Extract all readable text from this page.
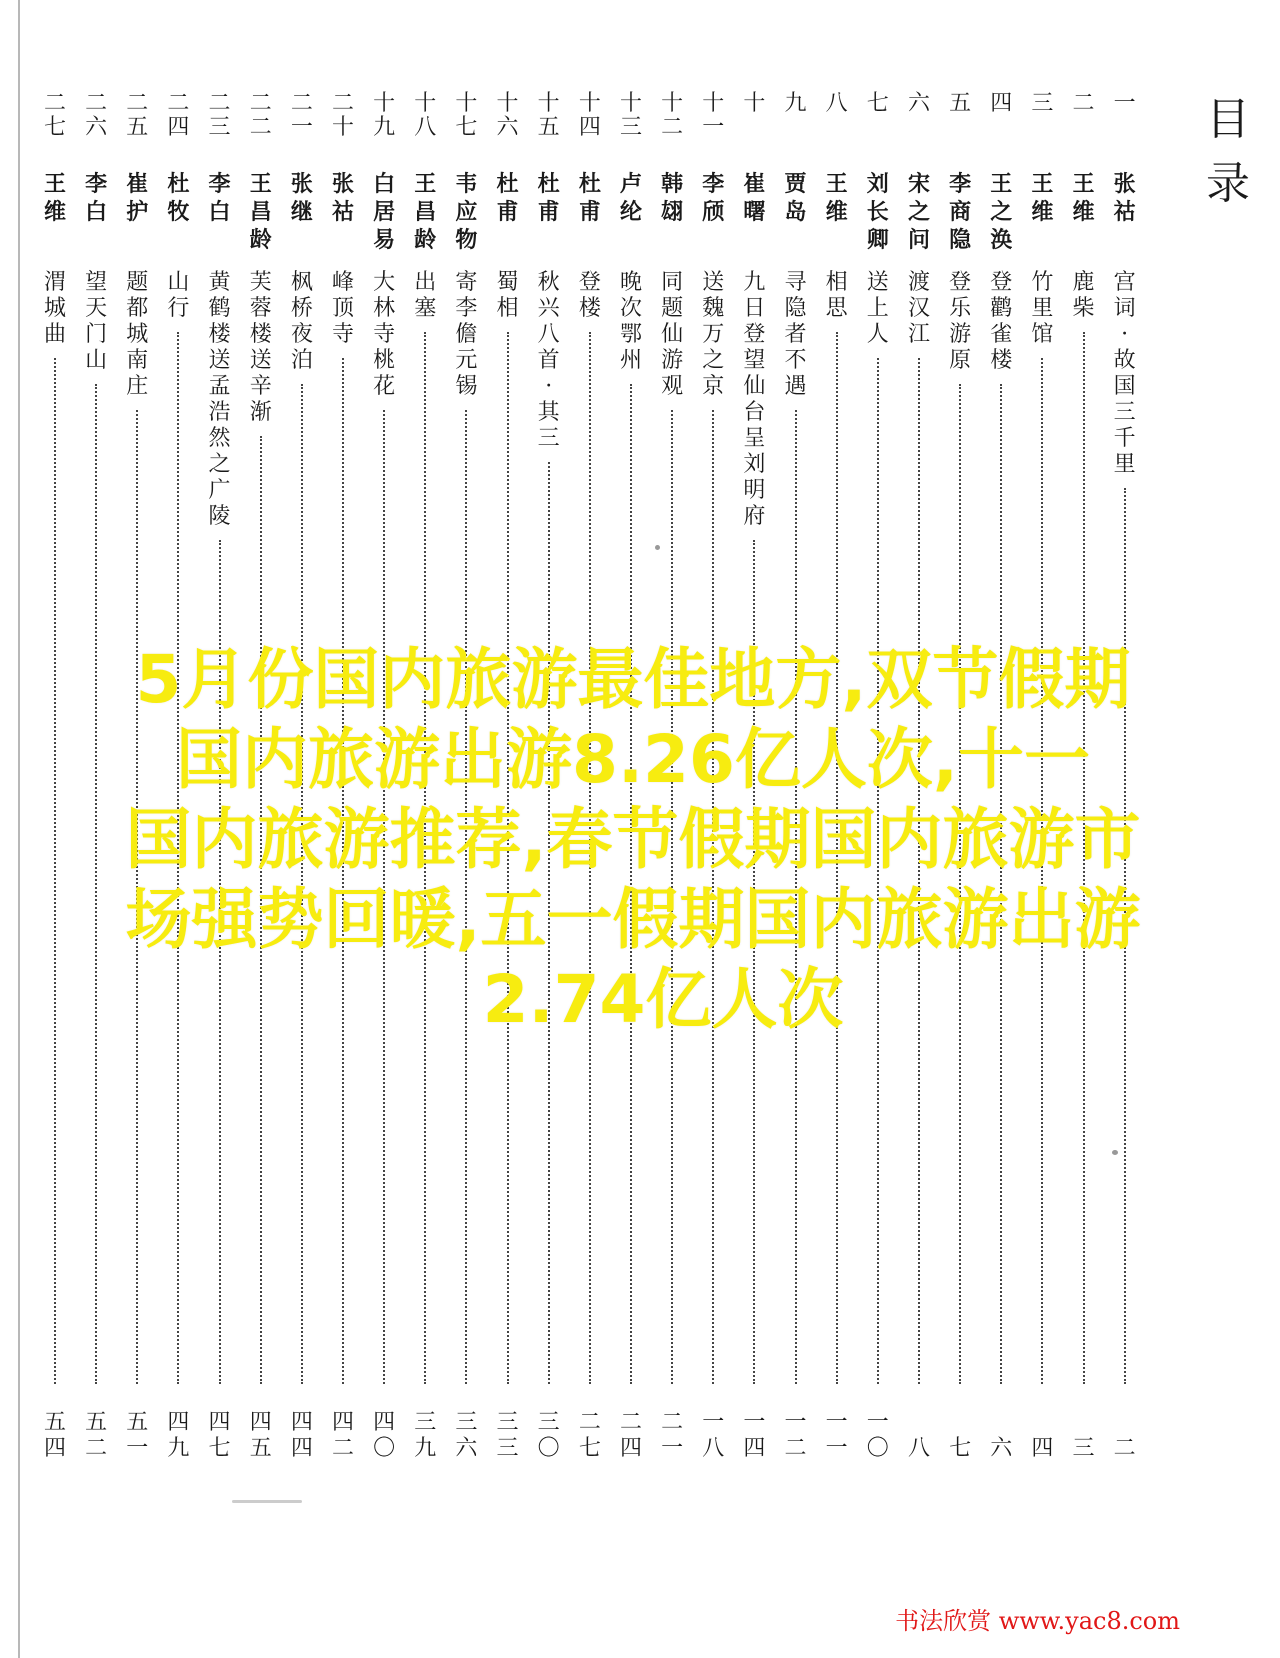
目
录
一
张
祜
宫
词
·
故
国
三
千
里
二
二
王
维
鹿
柴
三
三
王
维
竹
里
馆
四
四
王
之
涣
登
鹳
雀
楼
六
五
李
商
隐
登
乐
游
原
七
六
宋
之
问
渡
汉
江
八
七
刘
长
卿
送
上
人
一
〇
八
王
维
相
思
一
一
九
贾
岛
寻
隐
者
不
遇
一
二
十
崔
曙
九
日
登
望
仙
台
呈
刘
明
府
一
四
十
一
李
颀
送
魏
万
之
京
一
八
十
二
韩
翃
同
题
仙
游
观
二
一
十
三
卢
纶
晚
次
鄂
州
二
四
十
四
杜
甫
登
楼
二
七
十
五
杜
甫
秋
兴
八
首
·
其
三
三
〇
十
六
杜
甫
蜀
相
三
三
十
七
韦
应
物
寄
李
儋
元
锡
三
六
十
八
王
昌
龄
出
塞
三
九
十
九
白
居
易
大
林
寺
桃
花
四
〇
二
十
张
祜
峰
顶
寺
四
二
二
一
张
继
枫
桥
夜
泊
四
四
二
二
王
昌
龄
芙
蓉
楼
送
辛
渐
四
五
二
三
李
白
黄
鹤
楼
送
孟
浩
然
之
广
陵
四
七
二
四
杜
牧
山
行
四
九
二
五
崔
护
题
都
城
南
庄
五
一
二
六
李
白
望
天
门
山
五
二
二
七
王
维
渭
城
曲
五
四
5月份国内旅游最佳地方,双节假期
国内旅游出游8.26亿人次,十一
国内旅游推荐,春节假期国内旅游市
场强势回暖,五一假期国内旅游出游
2.74亿人次
书法欣赏 www.yac8.com
